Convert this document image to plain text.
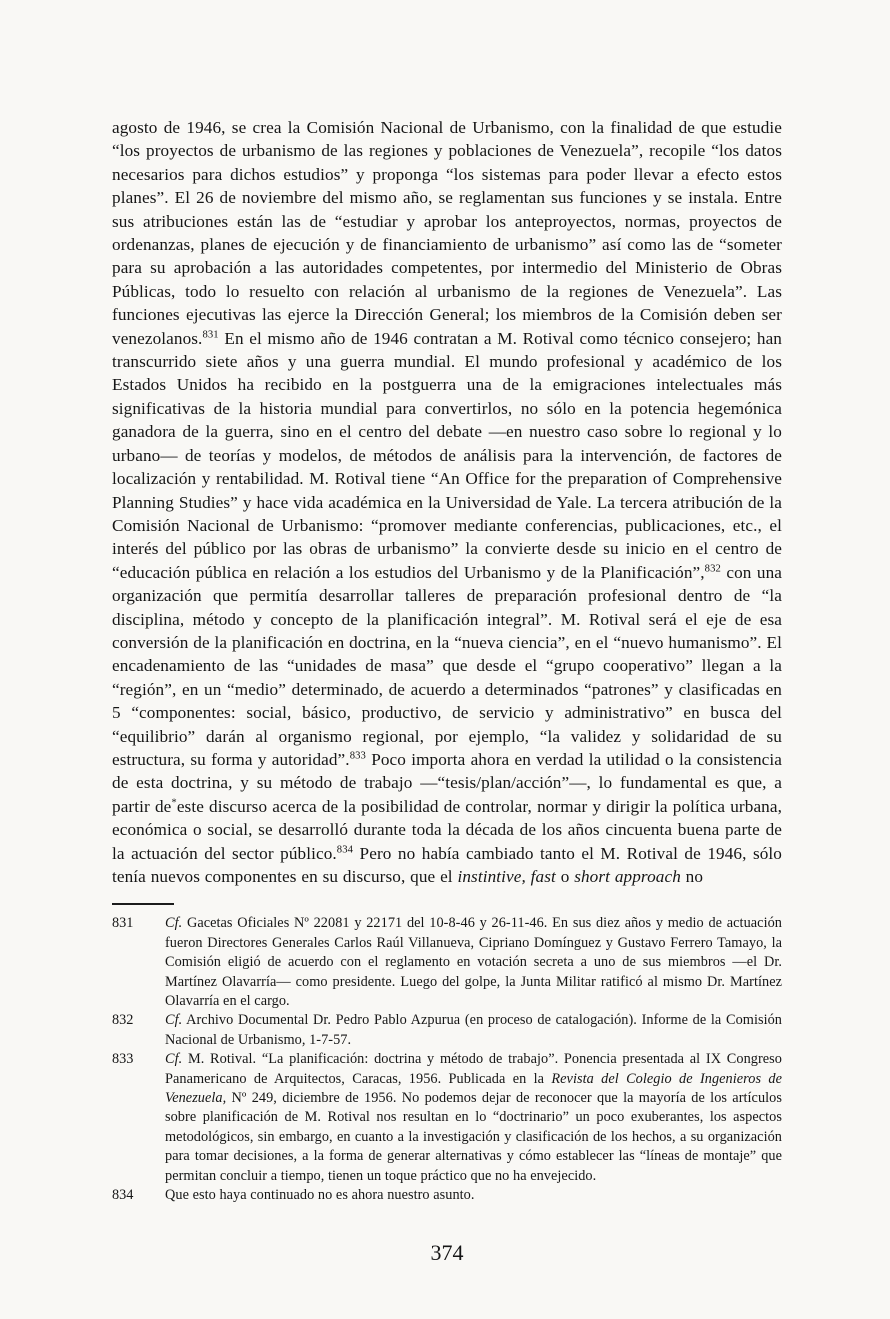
agosto de 1946, se crea la Comisión Nacional de Urbanismo, con la finalidad de que estudie “los proyectos de urbanismo de las regiones y poblaciones de Venezuela”, recopile “los datos necesarios para dichos estudios” y proponga “los sistemas para poder llevar a efecto estos planes”. El 26 de noviembre del mismo año, se reglamentan sus funciones y se instala. Entre sus atribuciones están las de “estudiar y aprobar los anteproyectos, normas, proyectos de ordenanzas, planes de ejecución y de financiamiento de urbanismo” así como las de “someter para su aprobación a las autoridades competentes, por intermedio del Ministerio de Obras Públicas, todo lo resuelto con relación al urbanismo de la regiones de Venezuela”. Las funciones ejecutivas las ejerce la Dirección General; los miembros de la Comisión deben ser venezolanos.$^{831}$ En el mismo año de 1946 contratan a M. Rotival como técnico consejero; han transcurrido siete años y una guerra mundial. El mundo profesional y académico de los Estados Unidos ha recibido en la postguerra una de la emigraciones intelectuales más significativas de la historia mundial para convertirlos, no sólo en la potencia hegemónica ganadora de la guerra, sino en el centro del debate —en nuestro caso sobre lo regional y lo urbano— de teorías y modelos, de métodos de análisis para la intervención, de factores de localización y rentabilidad. M. Rotival tiene “An Office for the preparation of Comprehensive Planning Studies” y hace vida académica en la Universidad de Yale. La tercera atribución de la Comisión Nacional de Urbanismo: “promover mediante conferencias, publicaciones, etc., el interés del público por las obras de urbanismo” la convierte desde su inicio en el centro de “educación pública en relación a los estudios del Urbanismo y de la Planificación”,$^{832}$ con una organización que permitía desarrollar talleres de preparación profesional dentro de “la disciplina, método y concepto de la planificación integral”. M. Rotival será el eje de esa conversión de la planificación en doctrina, en la “nueva ciencia”, en el “nuevo humanismo”. El encadenamiento de las “unidades de masa” que desde el “grupo cooperativo” llegan a la “región”, en un “medio” determinado, de acuerdo a determinados “patrones” y clasificadas en 5 “componentes: social, básico, productivo, de servicio y administrativo” en busca del “equilibrio” darán al organismo regional, por ejemplo, “la validez y solidaridad de su estructura, su forma y autoridad”.$^{833}$ Poco importa ahora en verdad la utilidad o la consistencia de esta doctrina, y su método de trabajo —“tesis/plan/acción”—, lo fundamental es que, a partir de*este discurso acerca de la posibilidad de controlar, normar y dirigir la política urbana, económica o social, se desarrolló durante toda la década de los años cincuenta buena parte de la actuación del sector público.$^{834}$ Pero no había cambiado tanto el M. Rotival de 1946, sólo tenía nuevos componentes en su discurso, que el instintive, fast o short approach no

831	Cf. Gacetas Oficiales Nº 22081 y 22171 del 10-8-46 y 26-11-46. En sus diez años y medio de actuación fueron Directores Generales Carlos Raúl Villanueva, Cipriano Domínguez y Gustavo Ferrero Tamayo, la Comisión eligió de acuerdo con el reglamento en votación secreta a uno de sus miembros —el Dr. Martínez Olavarría— como presidente. Luego del golpe, la Junta Militar ratificó al mismo Dr. Martínez Olavarría en el cargo.
832	Cf. Archivo Documental Dr. Pedro Pablo Azpurua (en proceso de catalogación). Informe de la Comisión Nacional de Urbanismo, 1-7-57.
833	Cf. M. Rotival. “La planificación: doctrina y método de trabajo”. Ponencia presentada al IX Congreso Panamericano de Arquitectos, Caracas, 1956. Publicada en la Revista del Colegio de Ingenieros de Venezuela, Nº 249, diciembre de 1956. No podemos dejar de reconocer que la mayoría de los artículos sobre planificación de M. Rotival nos resultan en lo “doctrinario” un poco exuberantes, los aspectos metodológicos, sin embargo, en cuanto a la investigación y clasificación de los hechos, a su organización para tomar decisiones, a la forma de generar alternativas y cómo establecer las “líneas de montaje” que permitan concluir a tiempo, tienen un toque práctico que no ha envejecido.
834	Que esto haya continuado no es ahora nuestro asunto.
374
